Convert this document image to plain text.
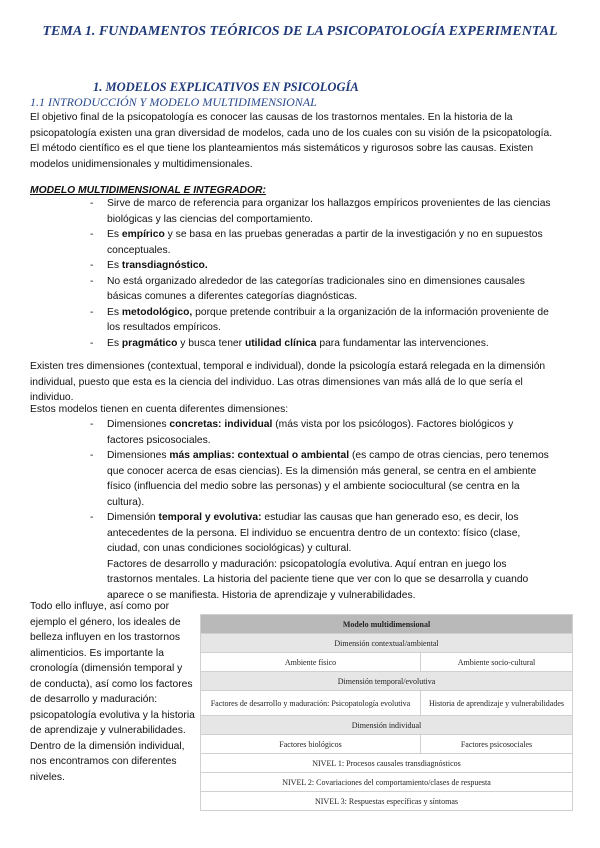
TEMA 1. FUNDAMENTOS TEÓRICOS DE LA PSICOPATOLOGÍA EXPERIMENTAL
1. MODELOS EXPLICATIVOS EN PSICOLOGÍA
1.1 INTRODUCCIÓN Y MODELO MULTIDIMENSIONAL
El objetivo final de la psicopatología es conocer las causas de los trastornos mentales. En la historia de la psicopatología existen una gran diversidad de modelos, cada uno de los cuales con su visión de la psicopatología. El método científico es el que tiene los planteamientos más sistemáticos y rigurosos sobre las causas. Existen modelos unidimensionales y multidimensionales.
MODELO MULTIDIMENSIONAL E INTEGRADOR:
- Sirve de marco de referencia para organizar los hallazgos empíricos provenientes de las ciencias biológicas y las ciencias del comportamiento.
- Es empírico y se basa en las pruebas generadas a partir de la investigación y no en supuestos conceptuales.
- Es transdiagnóstico.
- No está organizado alrededor de las categorías tradicionales sino en dimensiones causales básicas comunes a diferentes categorías diagnósticas.
- Es metodológico, porque pretende contribuir a la organización de la información proveniente de los resultados empíricos.
- Es pragmático y busca tener utilidad clínica para fundamentar las intervenciones.
Existen tres dimensiones (contextual, temporal e individual), donde la psicología estará relegada en la dimensión individual, puesto que esta es la ciencia del individuo. Las otras dimensiones van más allá de lo que sería el individuo.
Estos modelos tienen en cuenta diferentes dimensiones:
- Dimensiones concretas: individual (más vista por los psicólogos). Factores biológicos y factores psicosociales.
- Dimensiones más amplias: contextual o ambiental (es campo de otras ciencias, pero tenemos que conocer acerca de esas ciencias). Es la dimensión más general, se centra en el ambiente físico (influencia del medio sobre las personas) y el ambiente sociocultural (se centra en la cultura).
- Dimensión temporal y evolutiva: estudiar las causas que han generado eso, es decir, los antecedentes de la persona. El individuo se encuentra dentro de un contexto: físico (clase, ciudad, con unas condiciones sociológicas) y cultural.
Factores de desarrollo y maduración: psicopatología evolutiva. Aquí entran en juego los trastornos mentales. La historia del paciente tiene que ver con lo que se desarrolla y cuando aparece o se manifiesta. Historia de aprendizaje y vulnerabilidades.
Todo ello influye, así como por ejemplo el género, los ideales de belleza influyen en los trastornos alimenticios. Es importante la cronología (dimensión temporal y de conducta), así como los factores de desarrollo y maduración: psicopatología evolutiva y la historia de aprendizaje y vulnerabilidades. Dentro de la dimensión individual, nos encontramos con diferentes niveles.
Modelo multidimensional	
Dimensión contextual/ambiental	
Ambiente físico	Ambiente socio-cultural
Dimensión temporal/evolutiva	
Factores de desarrollo y maduración: Psicopatología evolutiva	Historia de aprendizaje y vulnerabilidades
Dimensión individual	
Factores biológicos	Factores psicosociales
NIVEL 1: Procesos causales transdiagnósticos	
NIVEL 2: Covariaciones del comportamiento/clases de respuesta	
NIVEL 3: Respuestas específicas y síntomas	
